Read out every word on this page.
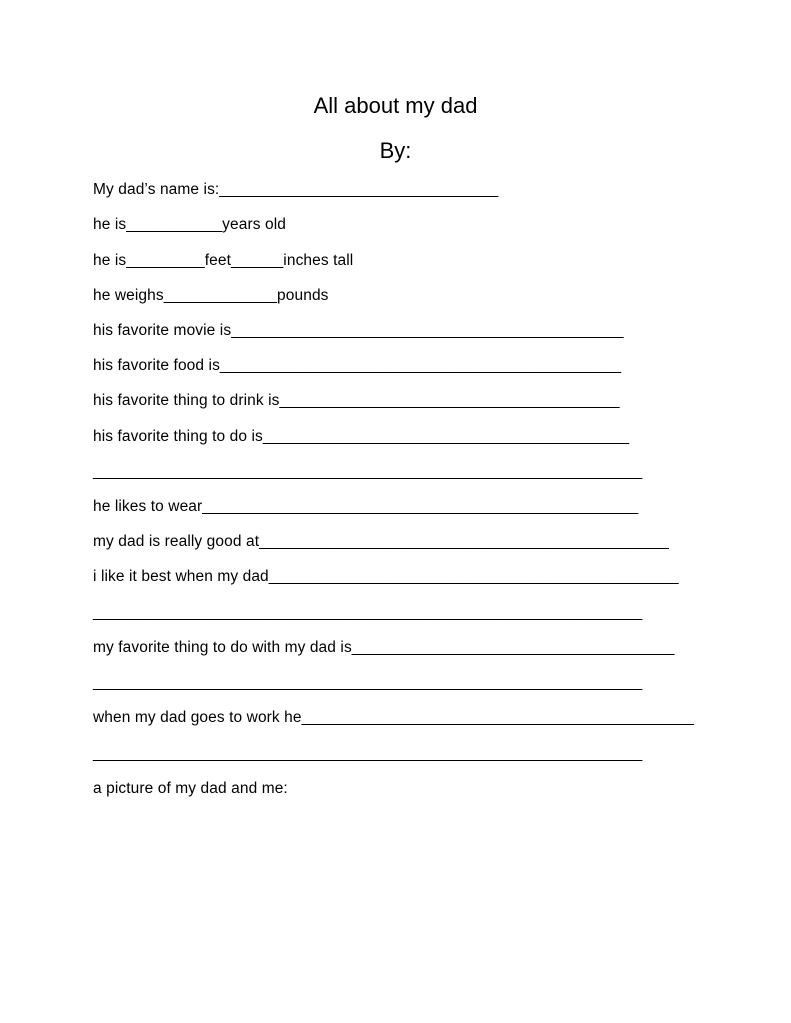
All about my dad
By:
My dad’s name is:________________________________
he is___________years old
he is_________feet______inches tall
he weighs_____________pounds
his favorite movie is_____________________________________________
his favorite food is______________________________________________
his favorite thing to drink is_______________________________________
his favorite thing to do is__________________________________________
_______________________________________________________________
he likes to wear__________________________________________________
my dad is really good at_______________________________________________
i like it best when my dad_______________________________________________
_______________________________________________________________
my favorite thing to do with my dad is_____________________________________
_______________________________________________________________
when my dad goes to work he_____________________________________________
_______________________________________________________________
a picture of my dad and me:
